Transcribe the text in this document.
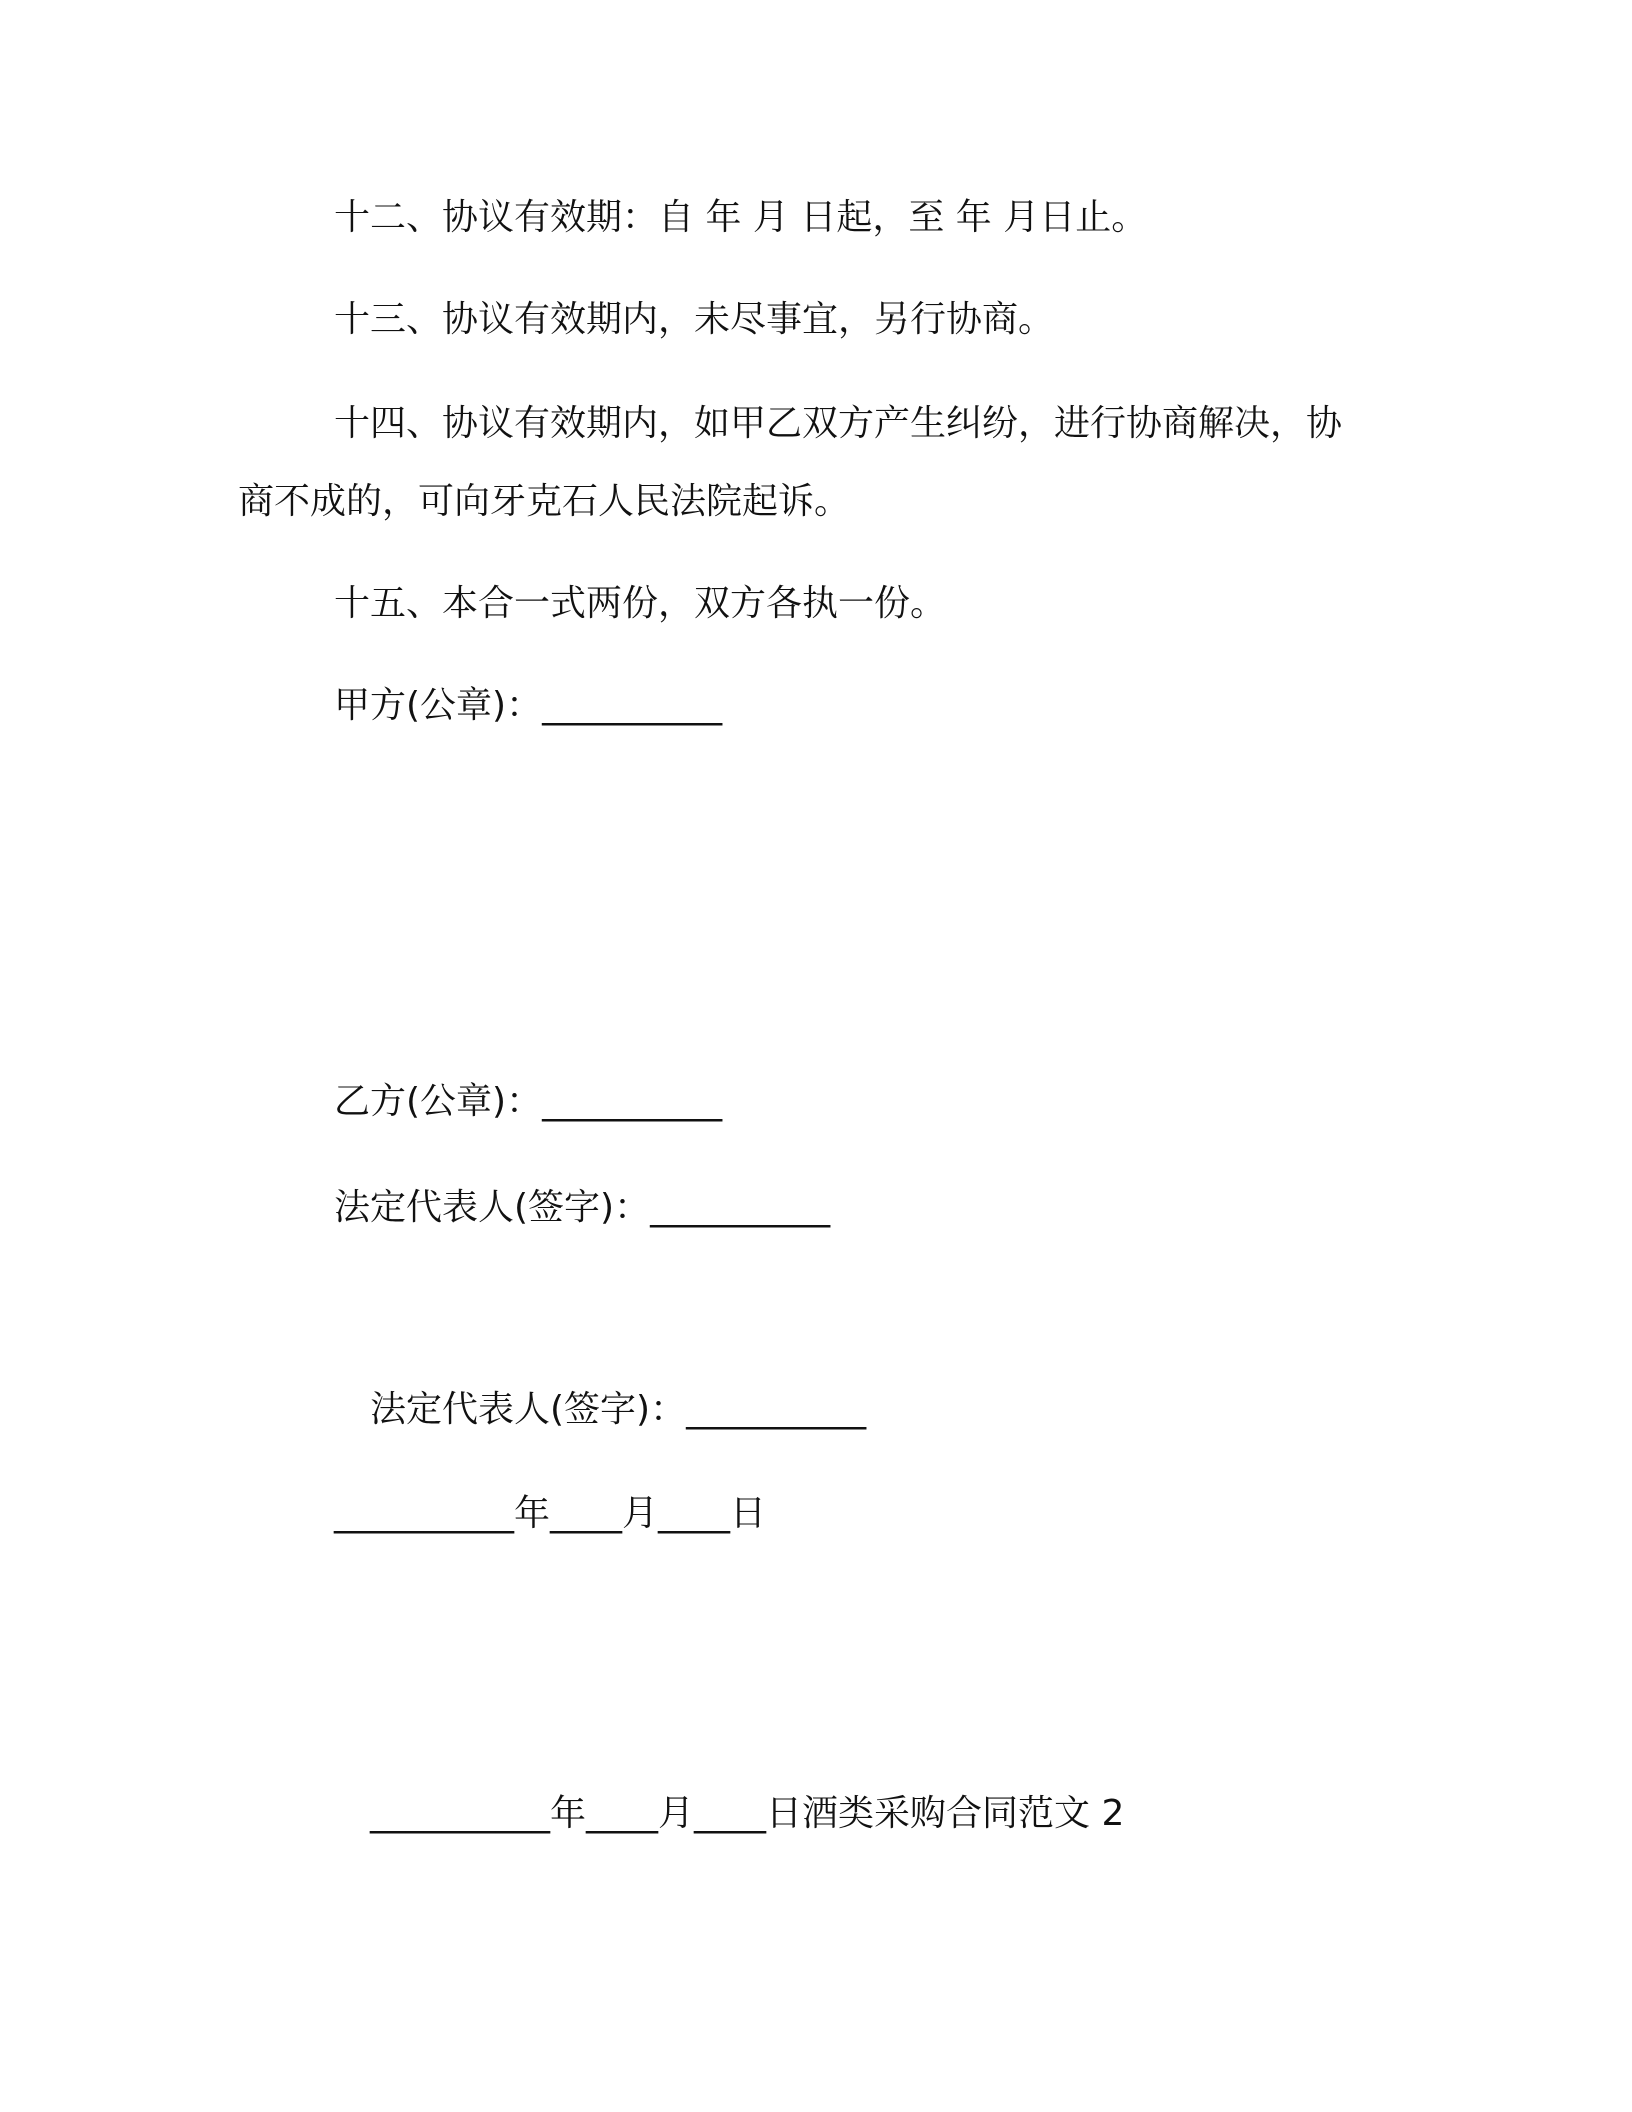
十二、协议有效期：自 年 月 日起，至 年 月日止。
十三、协议有效期内，未尽事宜，另行协商。
十四、协议有效期内，如甲乙双方产生纠纷，进行协商解决，协
商不成的，可向牙克石人民法院起诉。
十五、本合一式两份，双方各执一份。
甲方(公章)：__________
乙方(公章)：__________
法定代表人(签字)：__________
法定代表人(签字)：__________
__________年____月____日
__________年____月____日酒类采购合同范文 2
